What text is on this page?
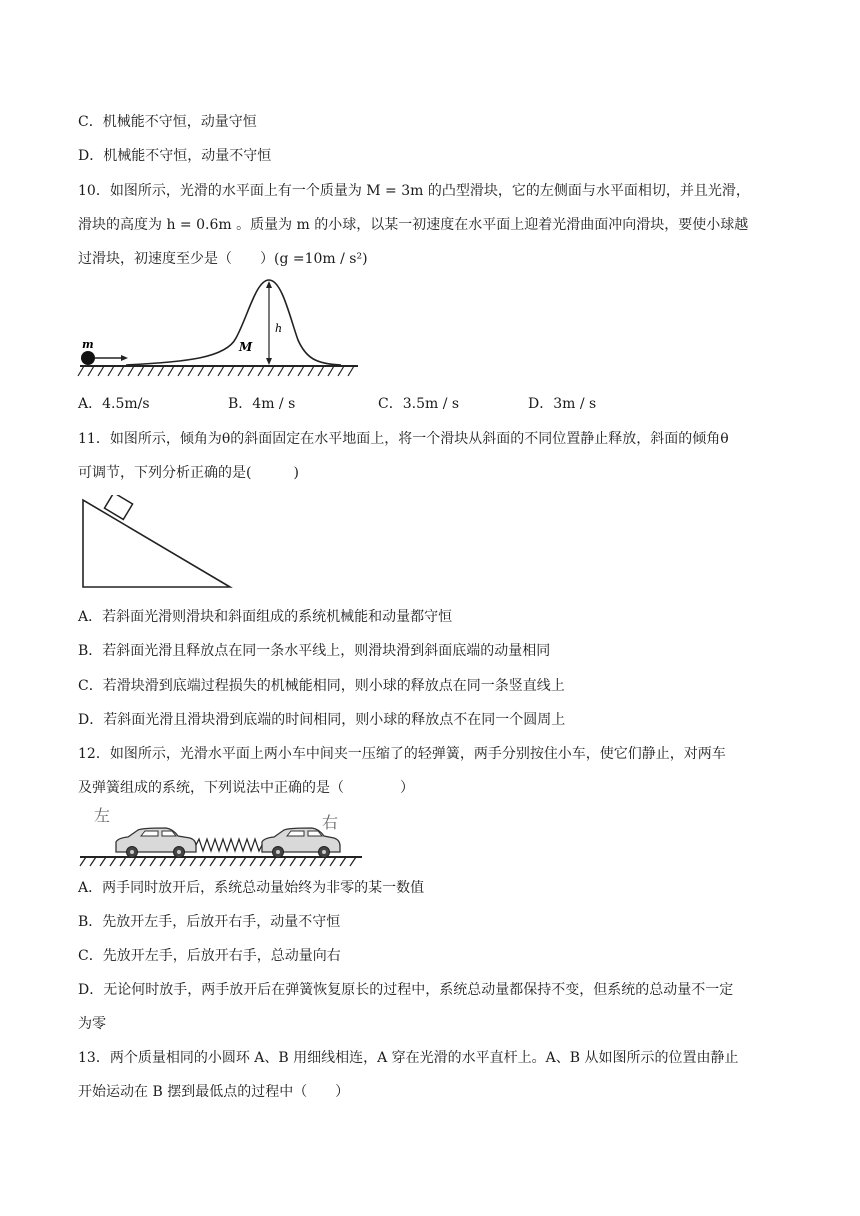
C．机械能不守恒，动量守恒
D．机械能不守恒，动量不守恒
10．如图所示，光滑的水平面上有一个质量为 M = 3m 的凸型滑块，它的左侧面与水平面相切，并且光滑，
滑块的高度为 h = 0.6m 。质量为 m 的小球，以某一初速度在水平面上迎着光滑曲面冲向滑块，要使小球越
过滑块，初速度至少是（　　）(g =10m / s²)
h
M
m
A．4.5m/s	B．4m / s	C．3.5m / s	D．3m / s
11．如图所示，倾角为θ的斜面固定在水平地面上，将一个滑块从斜面的不同位置静止释放，斜面的倾角θ
可调节，下列分析正确的是(　　　)
A．若斜面光滑则滑块和斜面组成的系统机械能和动量都守恒
B．若斜面光滑且释放点在同一条水平线上，则滑块滑到斜面底端的动量相同
C．若滑块滑到底端过程损失的机械能相同，则小球的释放点在同一条竖直线上
D．若斜面光滑且滑块滑到底端的时间相同，则小球的释放点不在同一个圆周上
12．如图所示，光滑水平面上两小车中间夹一压缩了的轻弹簧，两手分别按住小车，使它们静止，对两车
及弹簧组成的系统，下列说法中正确的是（　　　　）
左	右
A．两手同时放开后，系统总动量始终为非零的某一数值
B．先放开左手，后放开右手，动量不守恒
C．先放开左手，后放开右手，总动量向右
D．无论何时放手，两手放开后在弹簧恢复原长的过程中，系统总动量都保持不变，但系统的总动量不一定
为零
13．两个质量相同的小圆环 A、B 用细线相连，A 穿在光滑的水平直杆上。A、B 从如图所示的位置由静止
开始运动在 B 摆到最低点的过程中（　　）
